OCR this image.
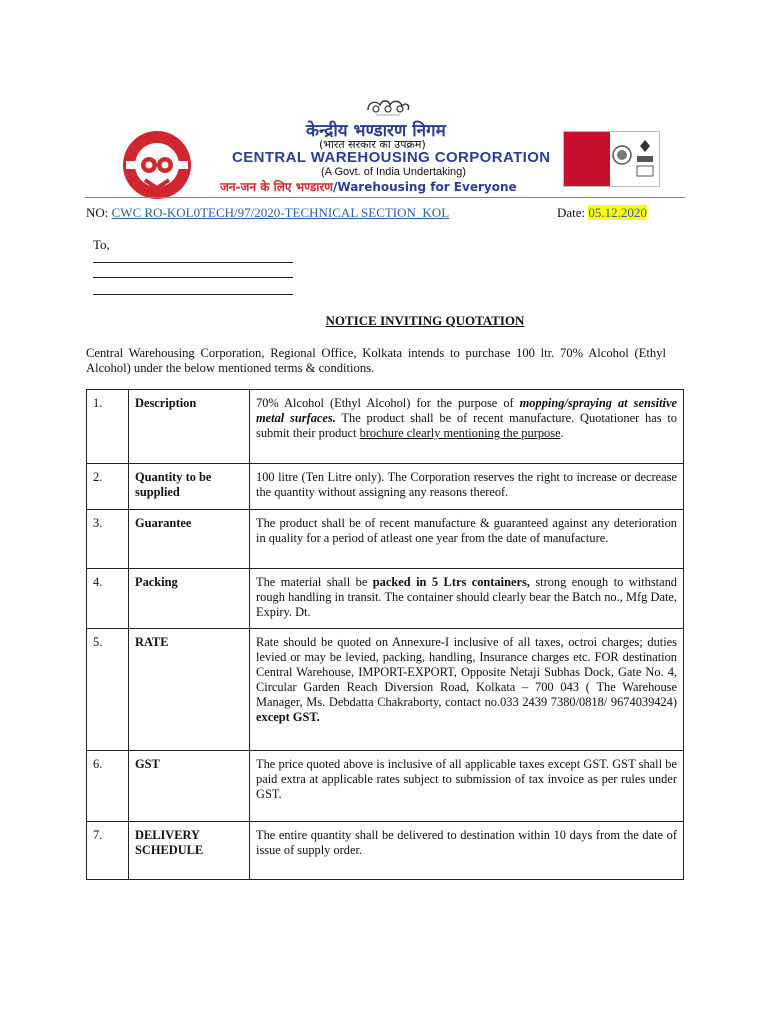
केन्द्रीय भण्डारण निगम
(भारत सरकार का उपक्रम)
CENTRAL WAREHOUSING CORPORATION
(A Govt. of India Undertaking)
जन-जन के लिए भण्डारण/Warehousing for Everyone

NO: CWC RO-KOL0TECH/97/2020-TECHNICAL SECTION_KOL	Date: 05.12.2020
To,
NOTICE INVITING QUOTATION
Central Warehousing Corporation, Regional Office, Kolkata intends to purchase 100 ltr. 70% Alcohol (Ethyl Alcohol) under the below mentioned terms & conditions.
1.	Description	70% Alcohol (Ethyl Alcohol) for the purpose of mopping/spraying at sensitive metal surfaces. The product shall be of recent manufacture. Quotationer has to submit their product brochure clearly mentioning the purpose.
2.	Quantity to be supplied	100 litre (Ten Litre only). The Corporation reserves the right to increase or decrease the quantity without assigning any reasons thereof.
3.	Guarantee	The product shall be of recent manufacture & guaranteed against any deterioration in quality for a period of atleast one year from the date of manufacture.
4.	Packing	The material shall be packed in 5 Ltrs containers, strong enough to withstand rough handling in transit. The container should clearly bear the Batch no., Mfg Date, Expiry. Dt.
5.	RATE	Rate should be quoted on Annexure-I inclusive of all taxes, octroi charges; duties levied or may be levied, packing, handling, Insurance charges etc. FOR destination Central Warehouse, IMPORT-EXPORT, Opposite Netaji Subhas Dock, Gate No. 4, Circular Garden Reach Diversion Road, Kolkata – 700 043 ( The Warehouse Manager, Ms. Debdatta Chakraborty, contact no.033 2439 7380/0818/ 9674039424) except GST.
6.	GST	The price quoted above is inclusive of all applicable taxes except GST. GST shall be paid extra at applicable rates subject to submission of tax invoice as per rules under GST.
7.	DELIVERY SCHEDULE	The entire quantity shall be delivered to destination within 10 days from the date of issue of supply order.
